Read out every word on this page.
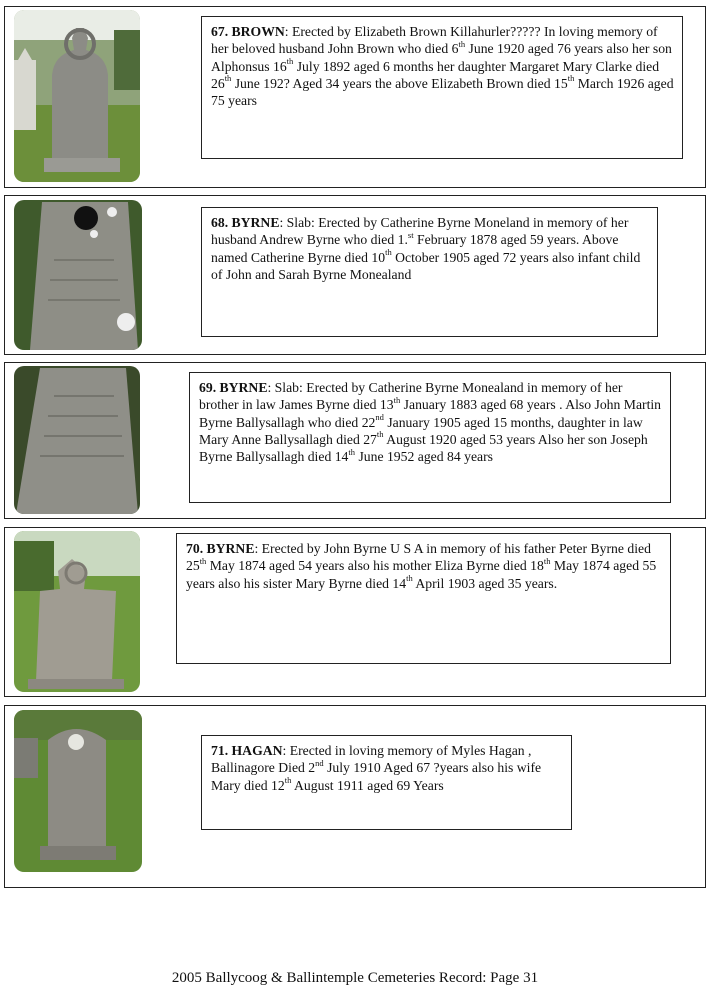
67. BROWN: Erected by Elizabeth Brown Killahurler????? In loving memory of her beloved husband John Brown who died 6th June 1920 aged 76 years also her son Alphonsus 16th July 1892 aged 6 months her daughter Margaret Mary Clarke died 26th June 192? Aged 34 years the above Elizabeth Brown died 15th March 1926 aged 75 years
68. BYRNE: Slab: Erected by Catherine Byrne Moneland in memory of her husband Andrew Byrne who died 1.$^{st}$ February 1878 aged 59 years. Above named Catherine Byrne died 10th October 1905 aged 72 years also infant child of John and Sarah Byrne Monealand
69. BYRNE: Slab: Erected by Catherine Byrne Monealand in memory of her brother in law James Byrne died 13th January 1883 aged 68 years . Also John Martin Byrne Ballysallagh who died 22nd January 1905 aged 15 months, daughter in law Mary Anne Ballysallagh died 27th August 1920 aged 53 years Also her son Joseph Byrne Ballysallagh died 14th June 1952 aged 84 years
70. BYRNE: Erected by John Byrne U S A in memory of his father Peter Byrne died 25th May 1874 aged 54 years also his mother Eliza Byrne died 18th May 1874 aged 55 years also his sister Mary Byrne died 14th April 1903 aged 35 years.
71. HAGAN: Erected in loving memory of Myles Hagan , Ballinagore Died 2nd July 1910 Aged 67 ?years also his wife Mary died 12th August 1911 aged 69 Years
2005 Ballycoog & Ballintemple Cemeteries Record: Page 31
